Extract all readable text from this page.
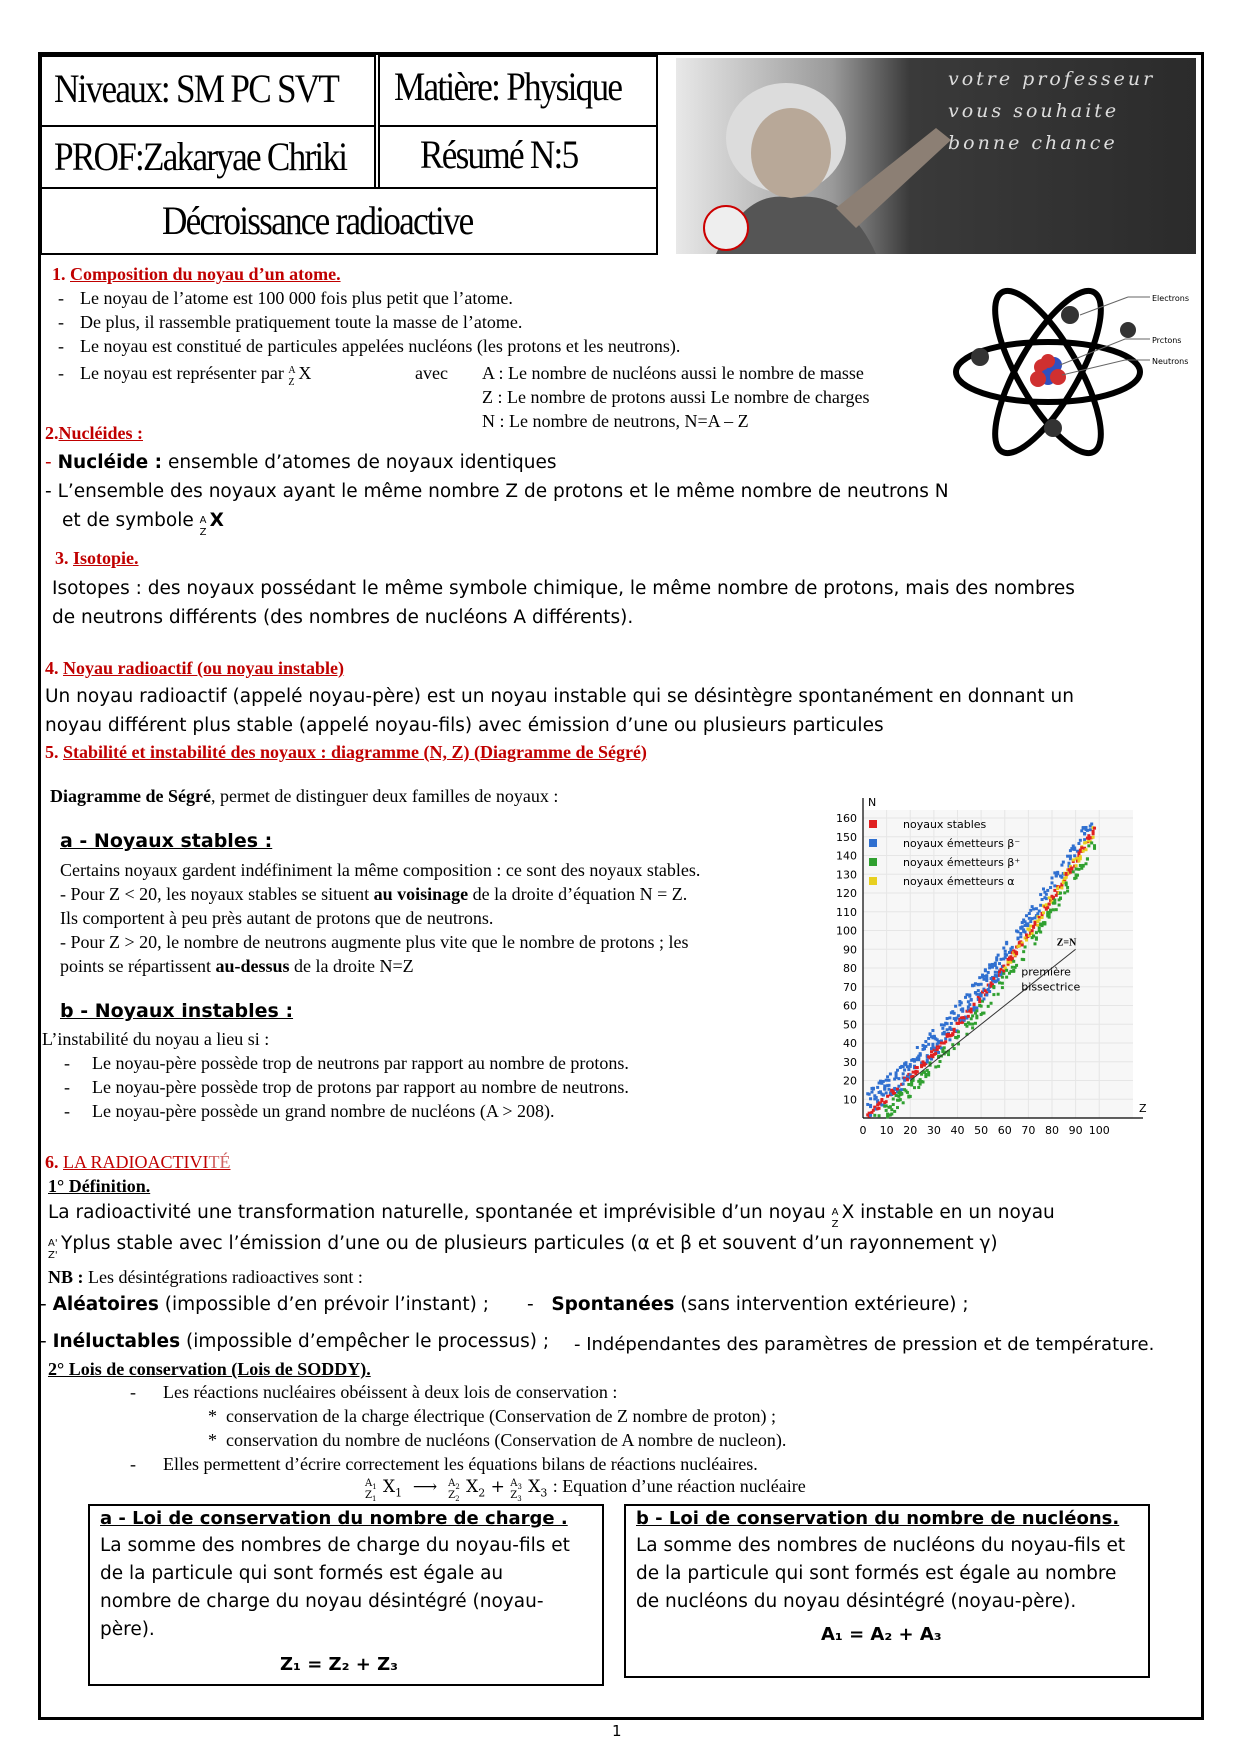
Niveaux: SM PC SVT Matière: Physique
PROF:Zakaryae Chriki Résumé N:5
Décroissance radioactive
votre professeur
vous souhaite
bonne chance
1. Composition du noyau d’un atome.
- Le noyau de l’atome est 100 000 fois plus petit que l’atome.
- De plus, il rassemble pratiquement toute la masse de l’atome.
- Le noyau est constitué de particules appelées nucléons (les protons et les neutrons).
- Le noyau est représenter par A
Z X	avec A : Le nombre de nucléons aussi le nombre de masse
Z : Le nombre de protons aussi Le nombre de charges
N : Le nombre de neutrons, N=A – Z
Electrons
Prctons
Neutrons
2.Nucléides :
- Nucléide : ensemble d’atomes de noyaux identiques
- L’ensemble des noyaux ayant le même nombre Z de protons et le même nombre de neutrons N
et de symbole A
Z
X
3. Isotopie.
Isotopes : des noyaux possédant le même symbole chimique, le même nombre de protons, mais des nombres
de neutrons différents (des nombres de nucléons A différents).
4. Noyau radioactif (ou noyau instable)
Un noyau radioactif (appelé noyau-père) est un noyau instable qui se désintègre spontanément en donnant un
noyau différent plus stable (appelé noyau-fils) avec émission d’une ou plusieurs particules
5. Stabilité et instabilité des noyaux : diagramme (N, Z) (Diagramme de Ségré)
Diagramme de Ségré, permet de distinguer deux familles de noyaux :
a - Noyaux stables :
Certains noyaux gardent indéfiniment la même composition : ce sont des noyaux stables.
- Pour Z < 20, les noyaux stables se situent au voisinage de la droite d’équation N = Z.
Ils comportent à peu près autant de protons que de neutrons.
- Pour Z > 20, le nombre de neutrons augmente plus vite que le nombre de protons ; les
points se répartissent au-dessus de la droite N=Z
b - Noyaux instables :
L’instabilité du noyau a lieu si :
- Le noyau-père possède trop de neutrons par rapport au nombre de protons.
- Le noyau-père possède trop de protons par rapport au nombre de neutrons.
- Le noyau-père possède un grand nombre de nucléons (A > 208).	Z
N
0 10 20 30 40 50 60 70 80 90 100
10
20
30
40
50
60
70
80
90
100
110
120
130
140
150
160
Z=N
première
bissectrice
noyaux stables
noyaux émetteurs β⁻
noyaux émetteurs β⁺
noyaux émetteurs α
6. LA RADIOACTIVITÉ
1° Définition.
La radioactivité une transformation naturelle, spontanée et imprévisible d’un noyau A
Z
X instable en un noyau
A'
Z'
Yplus stable avec l’émission d’une ou de plusieurs particules (α et β et souvent d’un rayonnement γ)
NB : Les désintégrations radioactives sont :
- Aléatoires (impossible d’en prévoir l’instant) ; -   Spontanées (sans intervention extérieure) ;
- Inéluctables (impossible d’empêcher le processus) ; - Indépendantes des paramètres de pression et de température.
2° Lois de conservation (Lois de SODDY).
-      Les réactions nucléaires obéissent à deux lois de conservation :
*  conservation de la charge électrique (Conservation de Z nombre de proton) ;
*  conservation du nombre de nucléons (Conservation de A nombre de nucleon).
-      Elles permettent d’écrire correctement les équations bilans de réactions nucléaires.
$A_1$
$Z_1$
$X_1$  ⟶ $A_2$
$Z_2$
$X_2 + A_3$
$Z_3$
$X_3$ : Equation d’une réaction nucléaire
a - Loi de conservation du nombre de charge .
La somme des nombres de charge du noyau-fils et
de la particule qui sont formés est égale au
nombre de charge du noyau désintégré (noyau-
père).
Z₁ = Z₂ + Z₃
b - Loi de conservation du nombre de nucléons.
La somme des nombres de nucléons du noyau-fils et
de la particule qui sont formés est égale au nombre
de nucléons du noyau désintégré (noyau-père).
A₁ = A₂ + A₃
1
